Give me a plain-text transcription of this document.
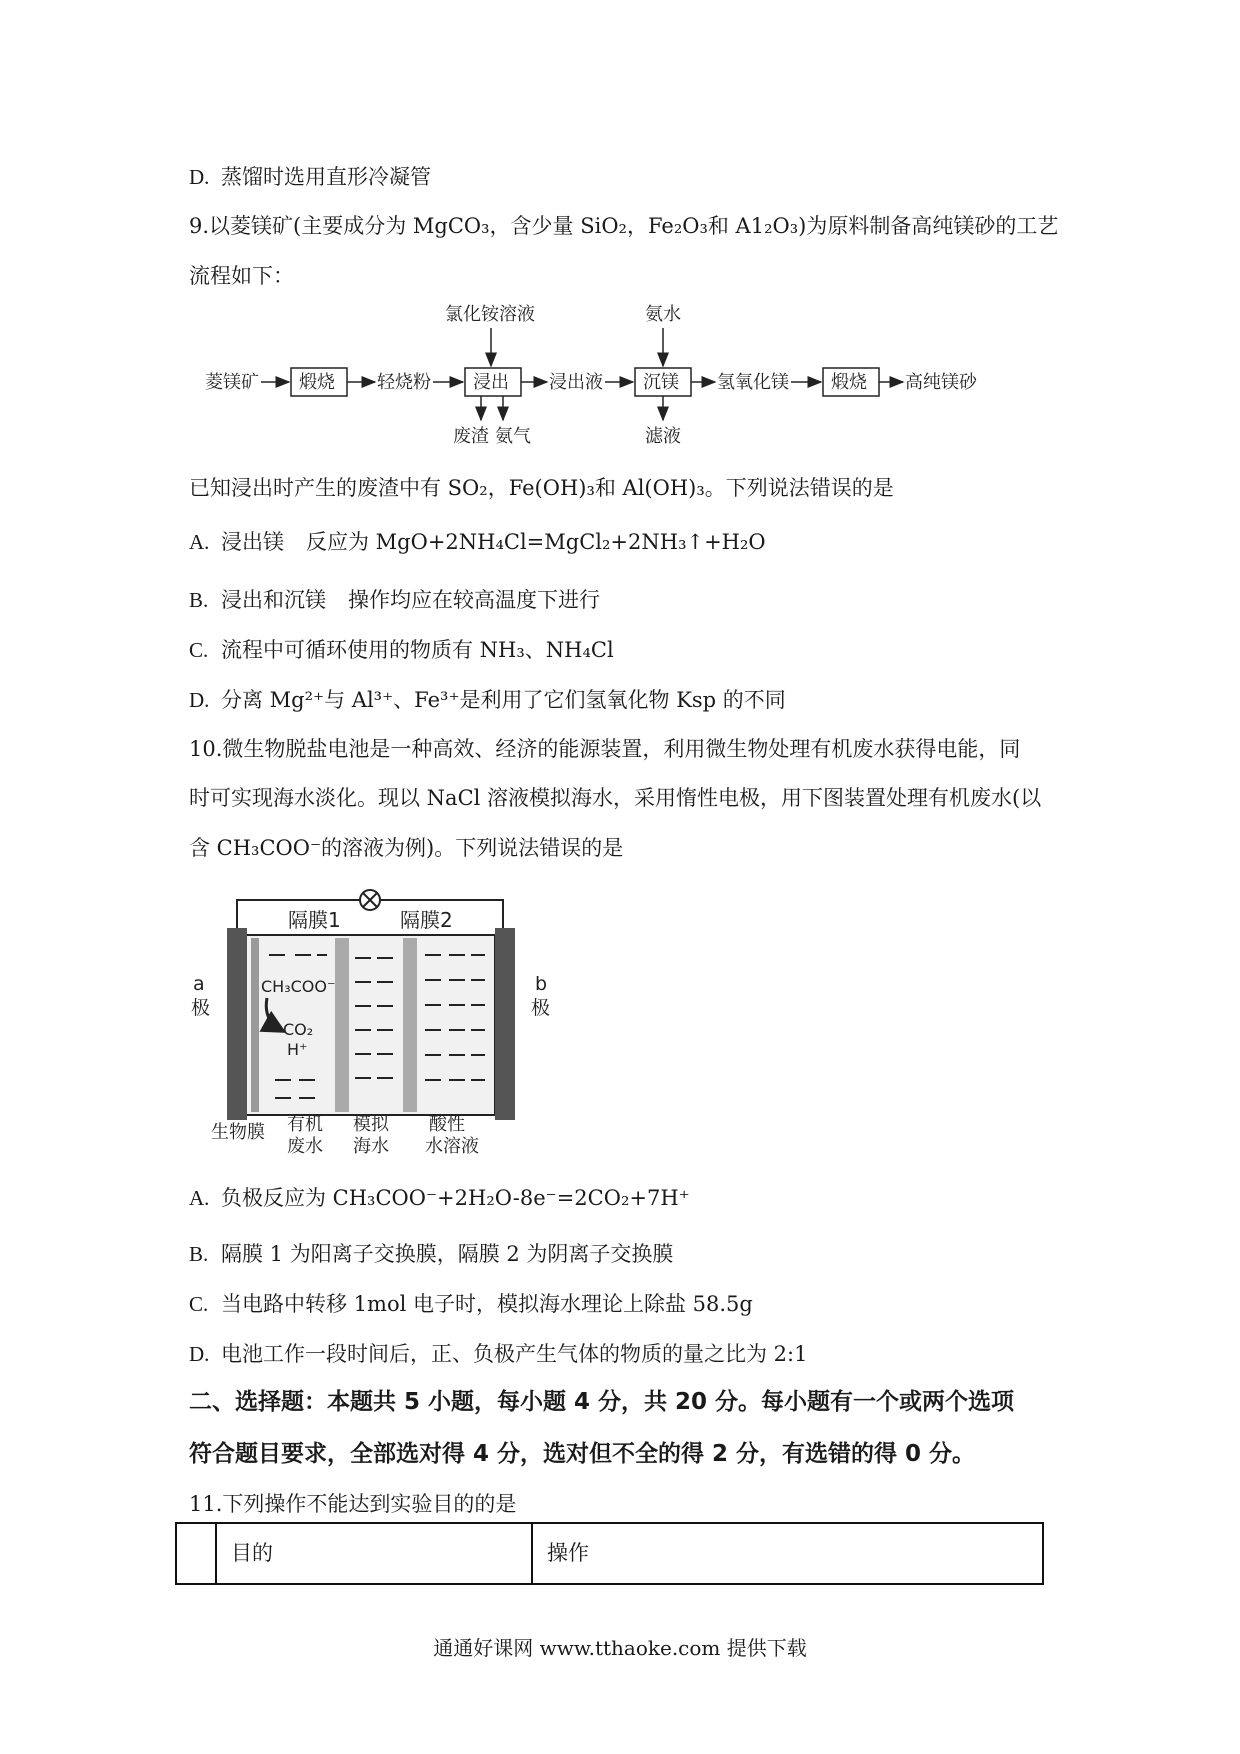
D. 蒸馏时选用直形冷凝管
9.以菱镁矿(主要成分为 MgCO₃，含少量 SiO₂，Fe₂O₃和 A1₂O₃)为原料制备高纯镁砂的工艺
流程如下：
菱镁矿 煅烧 轻烧粉
氯化铵溶液
浸出
废渣 氨气
浸出液
氨水
沉镁
滤液
氢氧化镁 煅烧 高纯镁砂
已知浸出时产生的废渣中有 SO₂，Fe(OH)₃和 Al(OH)₃。下列说法错误的是
A. 浸出镁 反应为 MgO+2NH₄Cl=MgCl₂+2NH₃↑+H₂O
B. 浸出和沉镁 操作均应在较高温度下进行
C. 流程中可循环使用的物质有 NH₃、NH₄Cl
D. 分离 Mg²⁺与 Al³⁺、Fe³⁺是利用了它们氢氧化物 Ksp 的不同
10.微生物脱盐电池是一种高效、经济的能源装置，利用微生物处理有机废水获得电能，同
时可实现海水淡化。现以 NaCl 溶液模拟海水，采用惰性电极，用下图装置处理有机废水(以
含 CH₃COO⁻的溶液为例)。下列说法错误的是
隔膜1	隔膜2
CH₃COO⁻
CO₂
H⁺
a
极
b
极
生物膜 有机
废水
模拟
海水
酸性
水溶液
A. 负极反应为 CH₃COO⁻+2H₂O-8e⁻=2CO₂+7H⁺
B. 隔膜 1 为阳离子交换膜，隔膜 2 为阴离子交换膜
C. 当电路中转移 1mol 电子时，模拟海水理论上除盐 58.5g
D. 电池工作一段时间后，正、负极产生气体的物质的量之比为 2:1
二、选择题：本题共 5 小题，每小题 4 分，共 20 分。每小题有一个或两个选项
符合题目要求，全部选对得 4 分，选对但不全的得 2 分，有选错的得 0 分。
11.下列操作不能达到实验目的的是
目的	操作
通通好课网 www.tthaoke.com 提供下载
